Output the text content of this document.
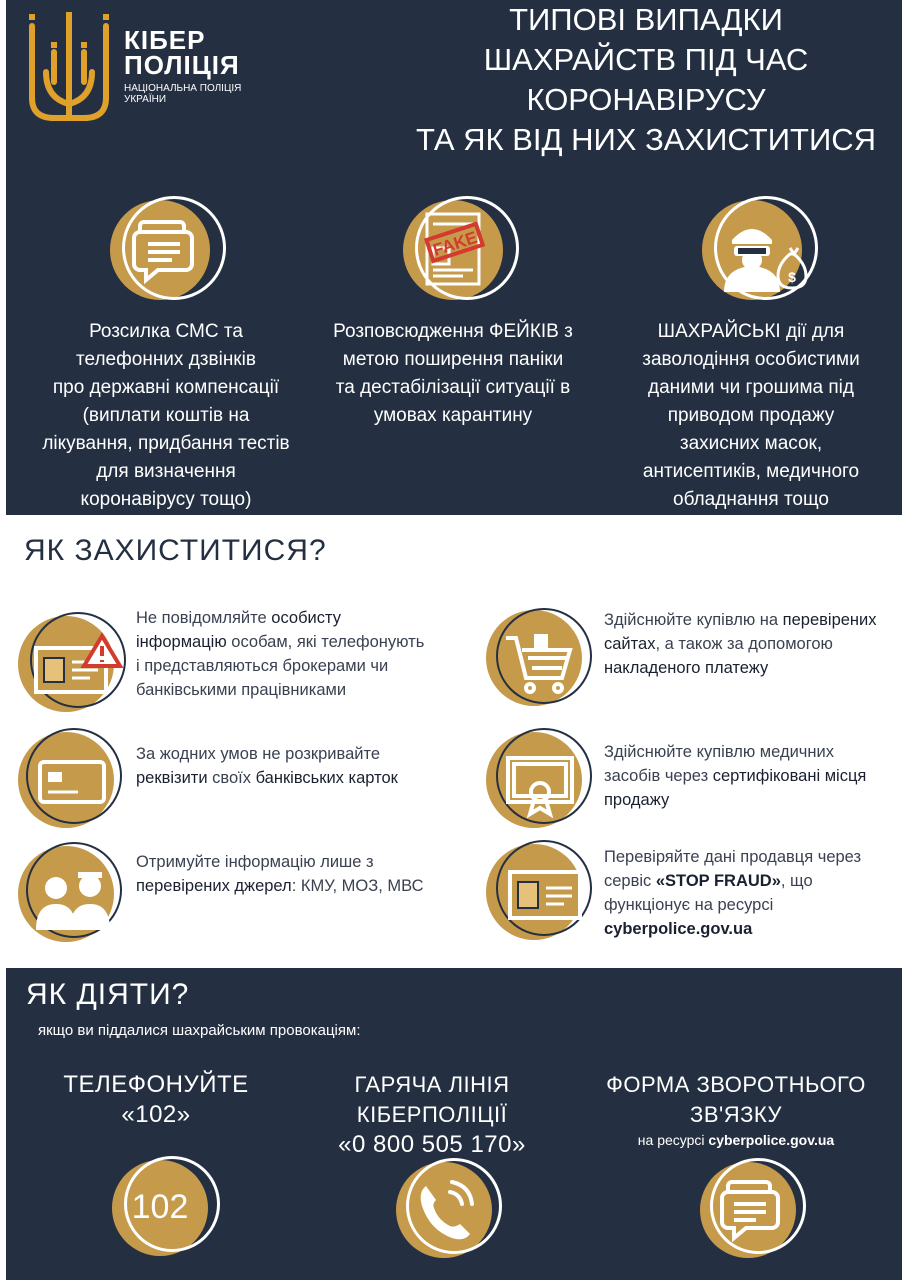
КІБЕР
ПОЛІЦІЯ
НАЦІОНАЛЬНА ПОЛІЦІЯ
УКРАЇНИ
ТИПОВІ ВИПАДКИ
ШАХРАЙСТВ ПІД ЧАС
КОРОНАВІРУСУ
ТА ЯК ВІД НИХ ЗАХИСТИТИСЯ
FAKE
$
Розсилка СМС та
телефонних дзвінків
про державні компенсації
(виплати коштів на
лікування, придбання тестів
для визначення
коронавірусу тощо)
Розповсюдження ФЕЙКІВ з
метою поширення паніки
та дестабілізації ситуації в
умовах карантину
ШАХРАЙСЬКІ дії для
заволодіння особистими
даними чи грошима під
приводом продажу
захисних масок,
антисептиків, медичного
обладнання тощо
ЯК ЗАХИСТИТИСЯ?
Не повідомляйте особисту інформацію особам, які телефонують і представляються брокерами чи банківськими працівниками
Здійснюйте купівлю на перевірених сайтах, а також за допомогою накладеного платежу
За жодних умов не розкривайте реквізити своїх банківських карток
Здійснюйте купівлю медичних засобів через сертифіковані місця продажу
Отримуйте інформацію лише з перевірених джерел: КМУ, МОЗ, МВС
Перевіряйте дані продавця через сервіс «STOP FRAUD», що функціонує на ресурсі cyberpolice.gov.ua
ЯК ДІЯТИ?
якщо ви піддалися шахрайським провокаціям:
ТЕЛЕФОНУЙТЕ
«102»
ГАРЯЧА ЛІНІЯ КІБЕРПОЛІЦІЇ
«0 800 505 170»
ФОРМА ЗВОРОТНЬОГО
ЗВ'ЯЗКУ
на ресурсі cyberpolice.gov.ua
102
